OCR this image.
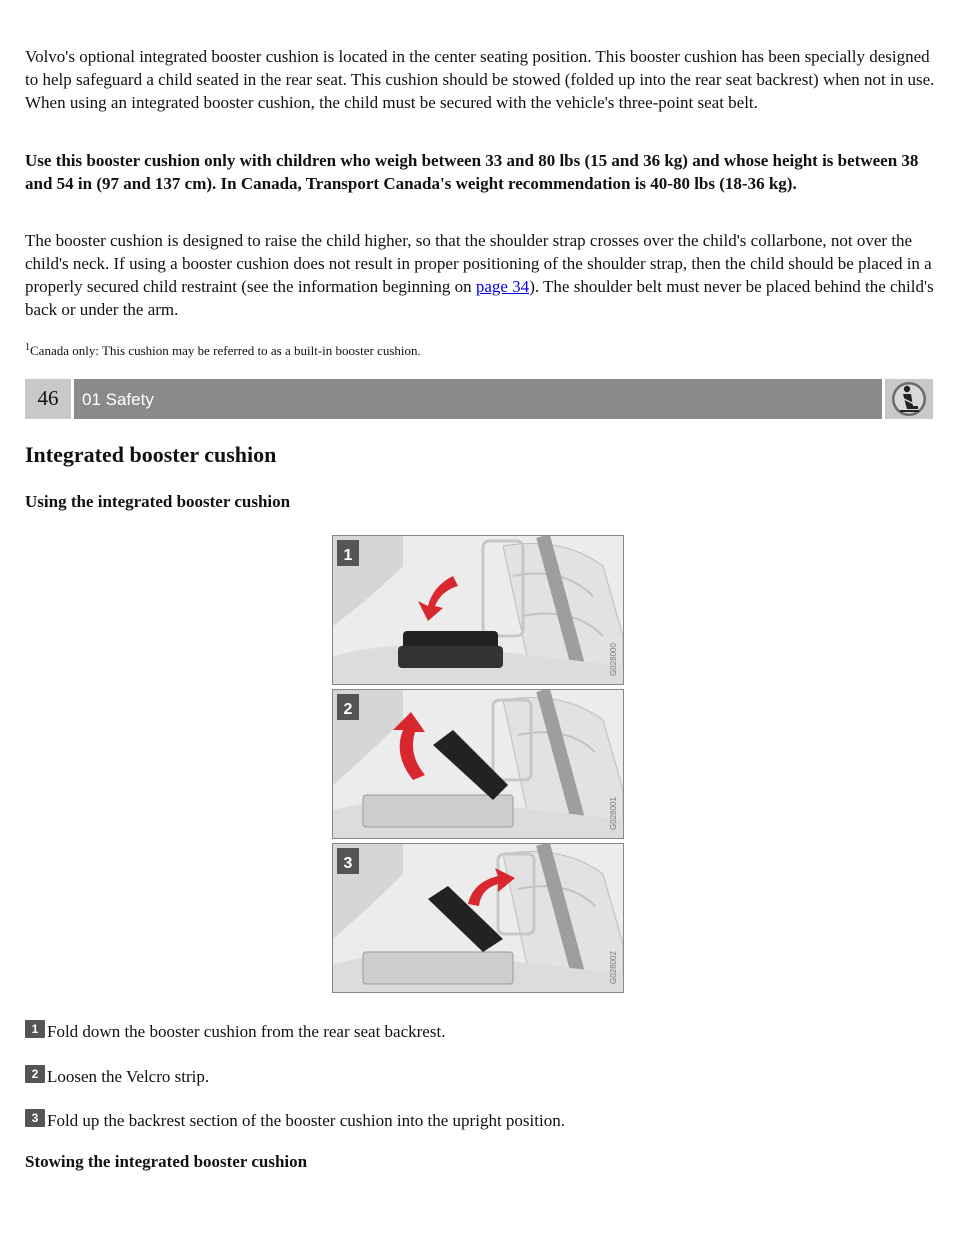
Volvo's optional integrated booster cushion is located in the center seating position. This booster cushion has been specially designed to help safeguard a child seated in the rear seat. This cushion should be stowed (folded up into the rear seat backrest) when not in use. When using an integrated booster cushion, the child must be secured with the vehicle's three-point seat belt.

Use this booster cushion only with children who weigh between 33 and 80 lbs (15 and 36 kg) and whose height is between 38 and 54 in (97 and 137 cm). In Canada, Transport Canada's weight recommendation is 40-80 lbs (18-36 kg).

The booster cushion is designed to raise the child higher, so that the shoulder strap crosses over the child's collarbone, not over the child's neck. If using a booster cushion does not result in proper positioning of the shoulder strap, then the child should be placed in a properly secured child restraint (see the information beginning on page 34). The shoulder belt must never be placed behind the child's back or under the arm.

$^1$Canada only: This cushion may be referred to as a built-in booster cushion.

Integrated booster cushion

Using the integrated booster cushion

Stowing the integrated booster cushion

46	01 Safety
1
G028000
2
G028001
3
G028002
1 Fold down the booster cushion from the rear seat backrest.
2 Loosen the Velcro strip.
3 Fold up the backrest section of the booster cushion into the upright position.
